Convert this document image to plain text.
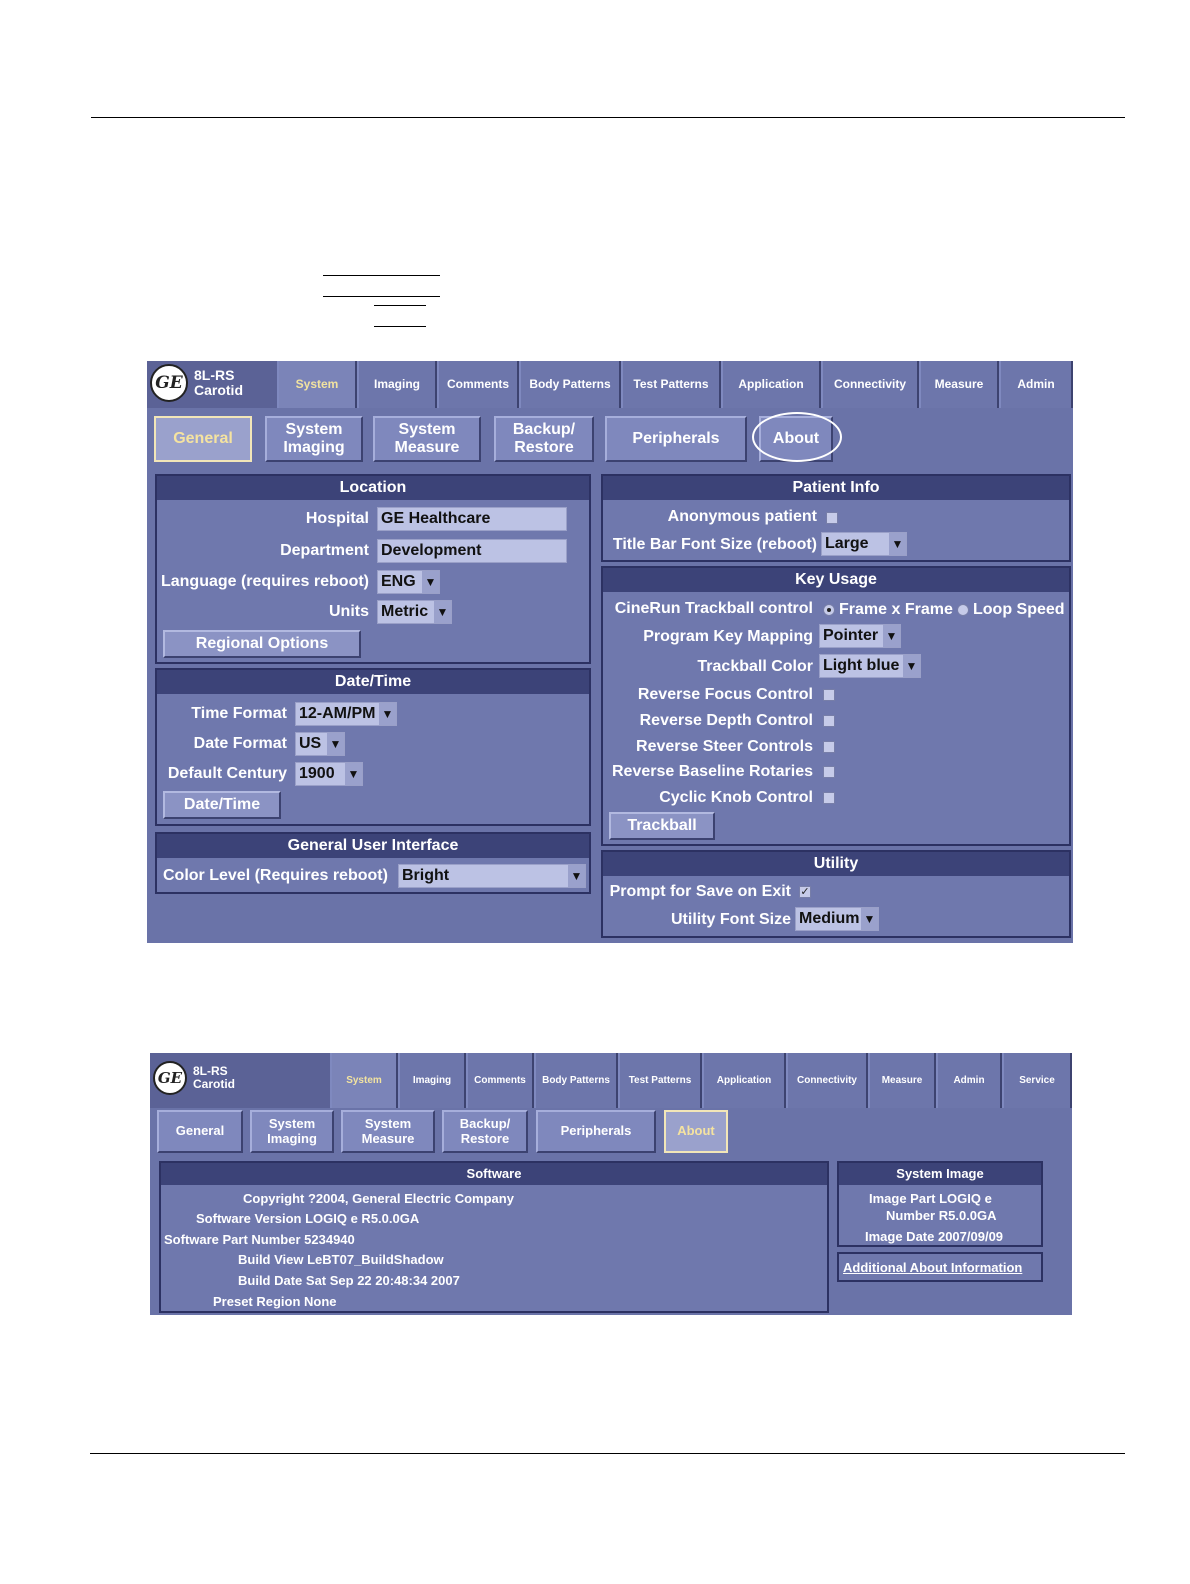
GE 8L-RS
Carotid	System	Imaging	Comments	Body Patterns	Test Patterns	Application	Connectivity	Measure	Admin
General
System Imaging
System Measure
Backup/ Restore
Peripherals	About
Location
Hospital GE Healthcare
Department Development
Language (requires reboot) ENG ▼
Units Metric ▼
Regional Options
Date/Time
Time Format 12-AM/PM ▼
Date Format US ▼
Default Century 1900 ▼
Date/Time
General User Interface
Color Level (Requires reboot) Bright	▼
Patient Info
Anonymous patient
Title Bar Font Size (reboot) Large ▼
Key Usage
CineRun Trackball control Frame x Frame Loop Speed
Program Key Mapping Pointer ▼
Trackball Color Light blue ▼
Reverse Focus Control
Reverse Depth Control
Reverse Steer Controls
Reverse Baseline Rotaries
Cyclic Knob Control
Trackball
Utility
Prompt for Save on Exit ✓
Utility Font Size Medium ▼
GE 8L-RS
Carotid	System	Imaging	Comments	Body Patterns	Test Patterns	Application	Connectivity	Measure	Admin	Service
General	System Imaging
System Measure
Backup/ Restore	Peripherals	About
Software
Copyright ?2004, General Electric Company
Software Version LOGIQ e R5.0.0GA
Software Part Number 5234940
Build View LeBT07_BuildShadow
Build Date Sat Sep 22 20:48:34 2007
Preset Region None
System Image
Image Part LOGIQ e
Number R5.0.0GA
Image Date 2007/09/09
Additional About Information
